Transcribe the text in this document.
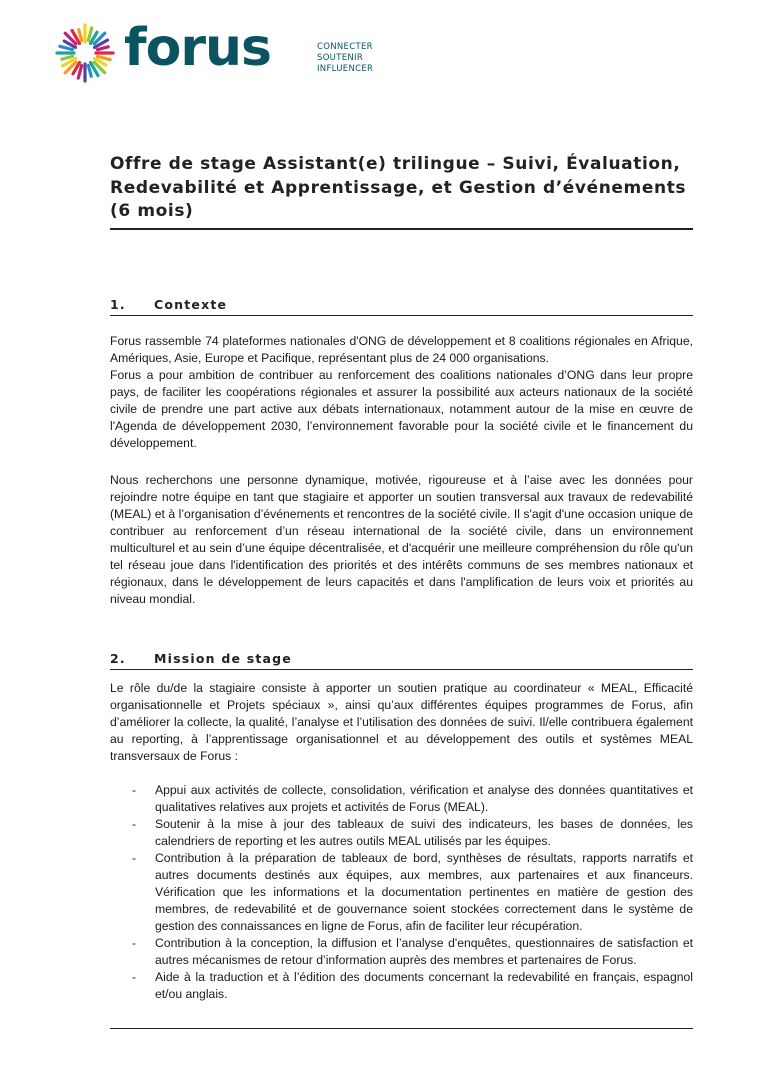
forus	CONNECTER
SOUTENIR
INFLUENCER
Offre de stage Assistant(e) trilingue – Suivi, Évaluation, Redevabilité et Apprentissage, et Gestion d’événements (6 mois)
1. Contexte

Forus rassemble 74 plateformes nationales d'ONG de développement et 8 coalitions régionales en Afrique, Amériques, Asie, Europe et Pacifique, représentant plus de 24 000 organisations.

Forus a pour ambition de contribuer au renforcement des coalitions nationales d’ONG dans leur propre pays, de faciliter les coopérations régionales et assurer la possibilité aux acteurs nationaux de la société civile de prendre une part active aux débats internationaux, notamment autour de la mise en œuvre de l'Agenda de développement 2030, l’environnement favorable pour la société civile et le financement du développement.

Nous recherchons une personne dynamique, motivée, rigoureuse et à l’aise avec les données pour rejoindre notre équipe en tant que stagiaire et apporter un soutien transversal aux travaux de redevabilité (MEAL) et à l’organisation d’événements et rencontres de la société civile. Il s'agit d'une occasion unique de contribuer au renforcement d’un réseau international de la société civile, dans un environnement multiculturel et au sein d’une équipe décentralisée, et d'acquérir une meilleure compréhension du rôle qu'un tel réseau joue dans l'identification des priorités et des intérêts communs de ses membres nationaux et régionaux, dans le développement de leurs capacités et dans l'amplification de leurs voix et priorités au niveau mondial.

2. Mission de stage

Le rôle du/de la stagiaire consiste à apporter un soutien pratique au coordinateur « MEAL, Efficacité organisationnelle et Projets spéciaux », ainsi qu’aux différentes équipes programmes de Forus, afin d’améliorer la collecte, la qualité, l’analyse et l’utilisation des données de suivi. Il/elle contribuera également au reporting, à l’apprentissage organisationnel et au développement des outils et systèmes MEAL transversaux de Forus :

- Appui aux activités de collecte, consolidation, vérification et analyse des données quantitatives et qualitatives relatives aux projets et activités de Forus (MEAL).
- Soutenir à la mise à jour des tableaux de suivi des indicateurs, les bases de données, les calendriers de reporting et les autres outils MEAL utilisés par les équipes.
- Contribution à la préparation de tableaux de bord, synthèses de résultats, rapports narratifs et autres documents destinés aux équipes, aux membres, aux partenaires et aux financeurs. Vérification que les informations et la documentation pertinentes en matière de gestion des membres, de redevabilité et de gouvernance soient stockées correctement dans le système de gestion des connaissances en ligne de Forus, afin de faciliter leur récupération.
- Contribution à la conception, la diffusion et l’analyse d'enquêtes, questionnaires de satisfaction et autres mécanismes de retour d’information auprès des membres et partenaires de Forus.
- Aide à la traduction et à l’édition des documents concernant la redevabilité en français, espagnol et/ou anglais.
